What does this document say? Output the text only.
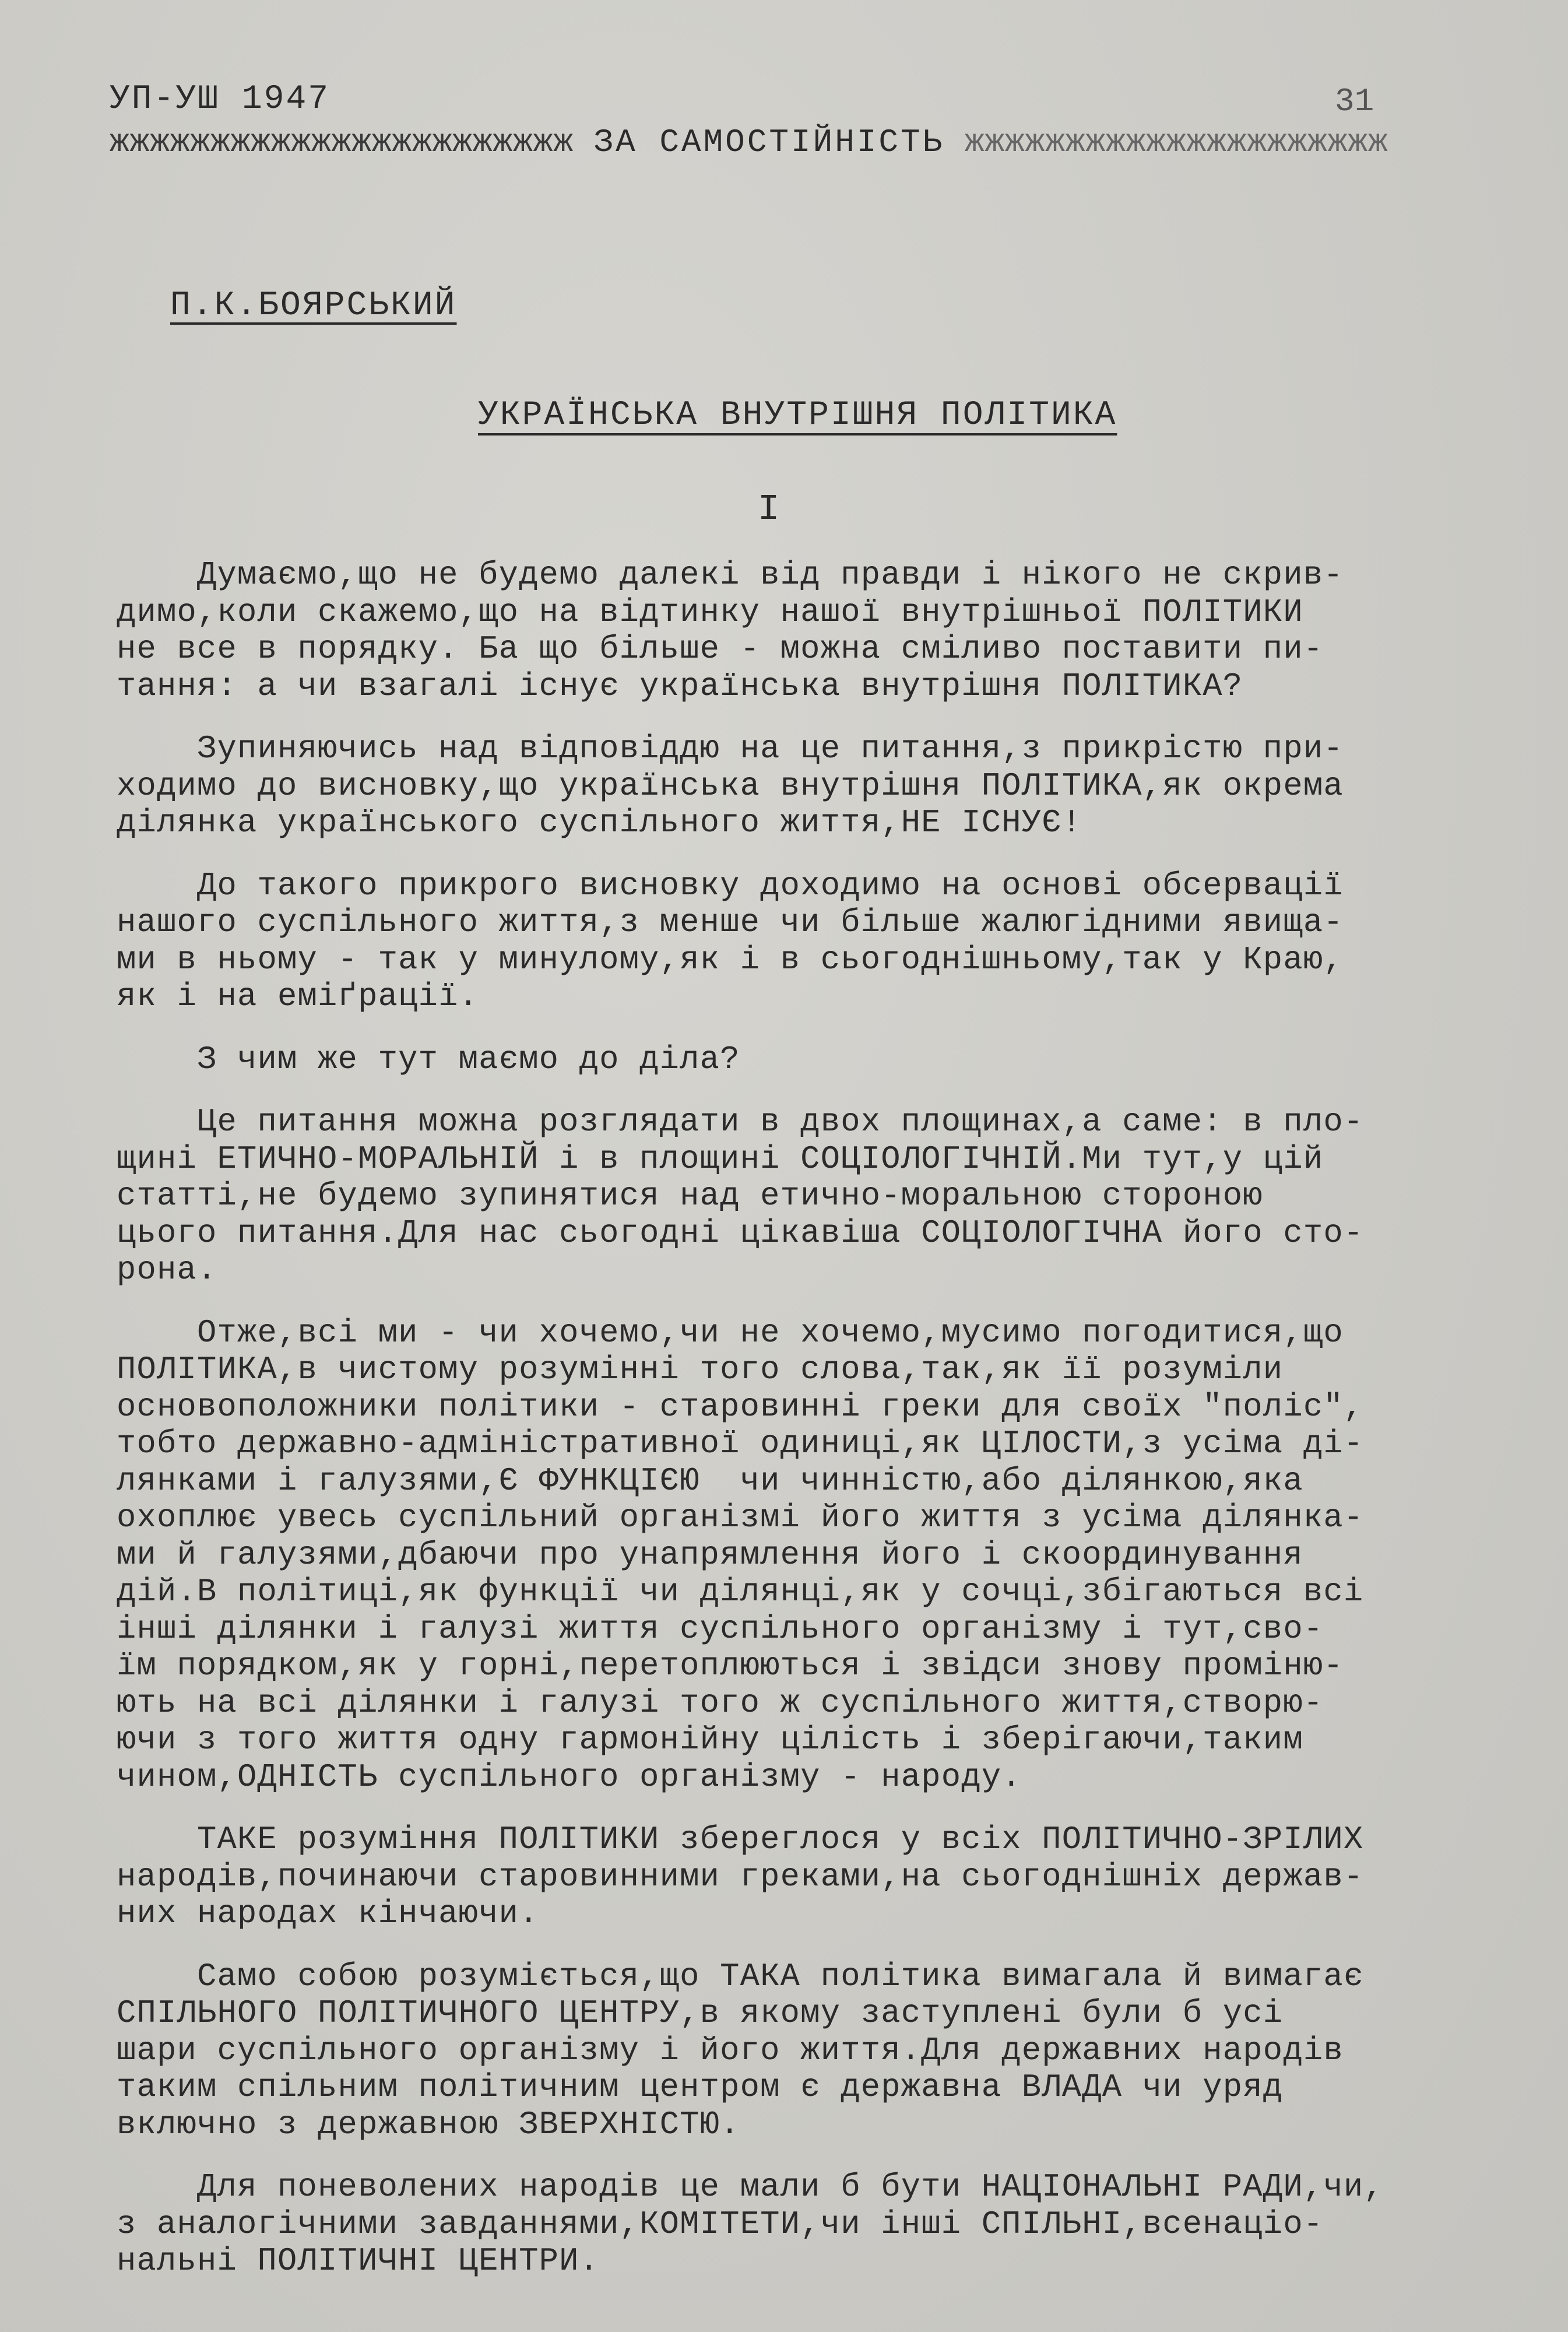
УП-УШ 1947	31
жжжжжжжжжжжжжжжжжжжжжжж ЗА САМОСТІЙНІСТЬ жжжжжжжжжжжжжжжжжжжжж
П.К.БОЯРСЬКИЙ
УКРАЇНСЬКА ВНУТРІШНЯ ПОЛІТИКА
І
Думаємо,що не будемо далекі від правди і нікого не скрив-
димо,коли скажемо,що на відтинку нашої внутрішньої ПОЛІТИКИ
не все в порядку. Ба що більше - можна сміливо поставити пи-
тання: а чи взагалі існує українська внутрішня ПОЛІТИКА?
Зупиняючись над відповіддю на це питання,з прикрістю при-
ходимо до висновку,що українська внутрішня ПОЛІТИКА,як окрема
ділянка українського суспільного життя,НЕ ІСНУЄ!
До такого прикрого висновку доходимо на основі обсервації
нашого суспільного життя,з менше чи більше жалюгідними явища-
ми в ньому - так у минулому,як і в сьогоднішньому,так у Краю,
як і на еміґрації.
З чим же тут маємо до діла?
Це питання можна розглядати в двох площинах,а саме: в пло-
щині ЕТИЧНО-МОРАЛЬНІЙ і в площині СОЦІОЛОГІЧНІЙ.Ми тут,у цій
статті,не будемо зупинятися над етично-моральною стороною
цього питання.Для нас сьогодні цікавіша СОЦІОЛОГІЧНА його сто-
рона.
Отже,всі ми - чи хочемо,чи не хочемо,мусимо погодитися,що
ПОЛІТИКА,в чистому розумінні того слова,так,як її розуміли
основоположники політики - старовинні греки для своїх "поліс",
тобто державно-адміністративної одиниці,як ЦІЛОСТИ,з усіма ді-
лянками і галузями,Є ФУНКЦІЄЮ  чи чинністю,або ділянкою,яка
охоплює увесь суспільний організмі його життя з усіма ділянка-
ми й галузями,дбаючи про унапрямлення його і скоординування
дій.В політиці,як функції чи ділянці,як у сочці,збігаються всі
інші ділянки і галузі життя суспільного організму і тут,сво-
їм порядком,як у горні,перетоплюються і звідси знову проміню-
ють на всі ділянки і галузі того ж суспільного життя,створю-
ючи з того життя одну гармонійну цілість і зберігаючи,таким
чином,ОДНІСТЬ суспільного організму - народу.
ТАКЕ розуміння ПОЛІТИКИ збереглося у всіх ПОЛІТИЧНО-ЗРІЛИХ
народів,починаючи старовинними греками,на сьогоднішніх держав-
них народах кінчаючи.
Само собою розуміється,що ТАКА політика вимагала й вимагає
СПІЛЬНОГО ПОЛІТИЧНОГО ЦЕНТРУ,в якому заступлені були б усі
шари суспільного організму і його життя.Для державних народів
таким спільним політичним центром є державна ВЛАДА чи уряд
включно з державною ЗВЕРХНІСТЮ.
Для поневолених народів це мали б бути НАЦІОНАЛЬНІ РАДИ,чи,
з аналогічними завданнями,КОМІТЕТИ,чи інші СПІЛЬНІ,всенаціо-
нальні ПОЛІТИЧНІ ЦЕНТРИ.
